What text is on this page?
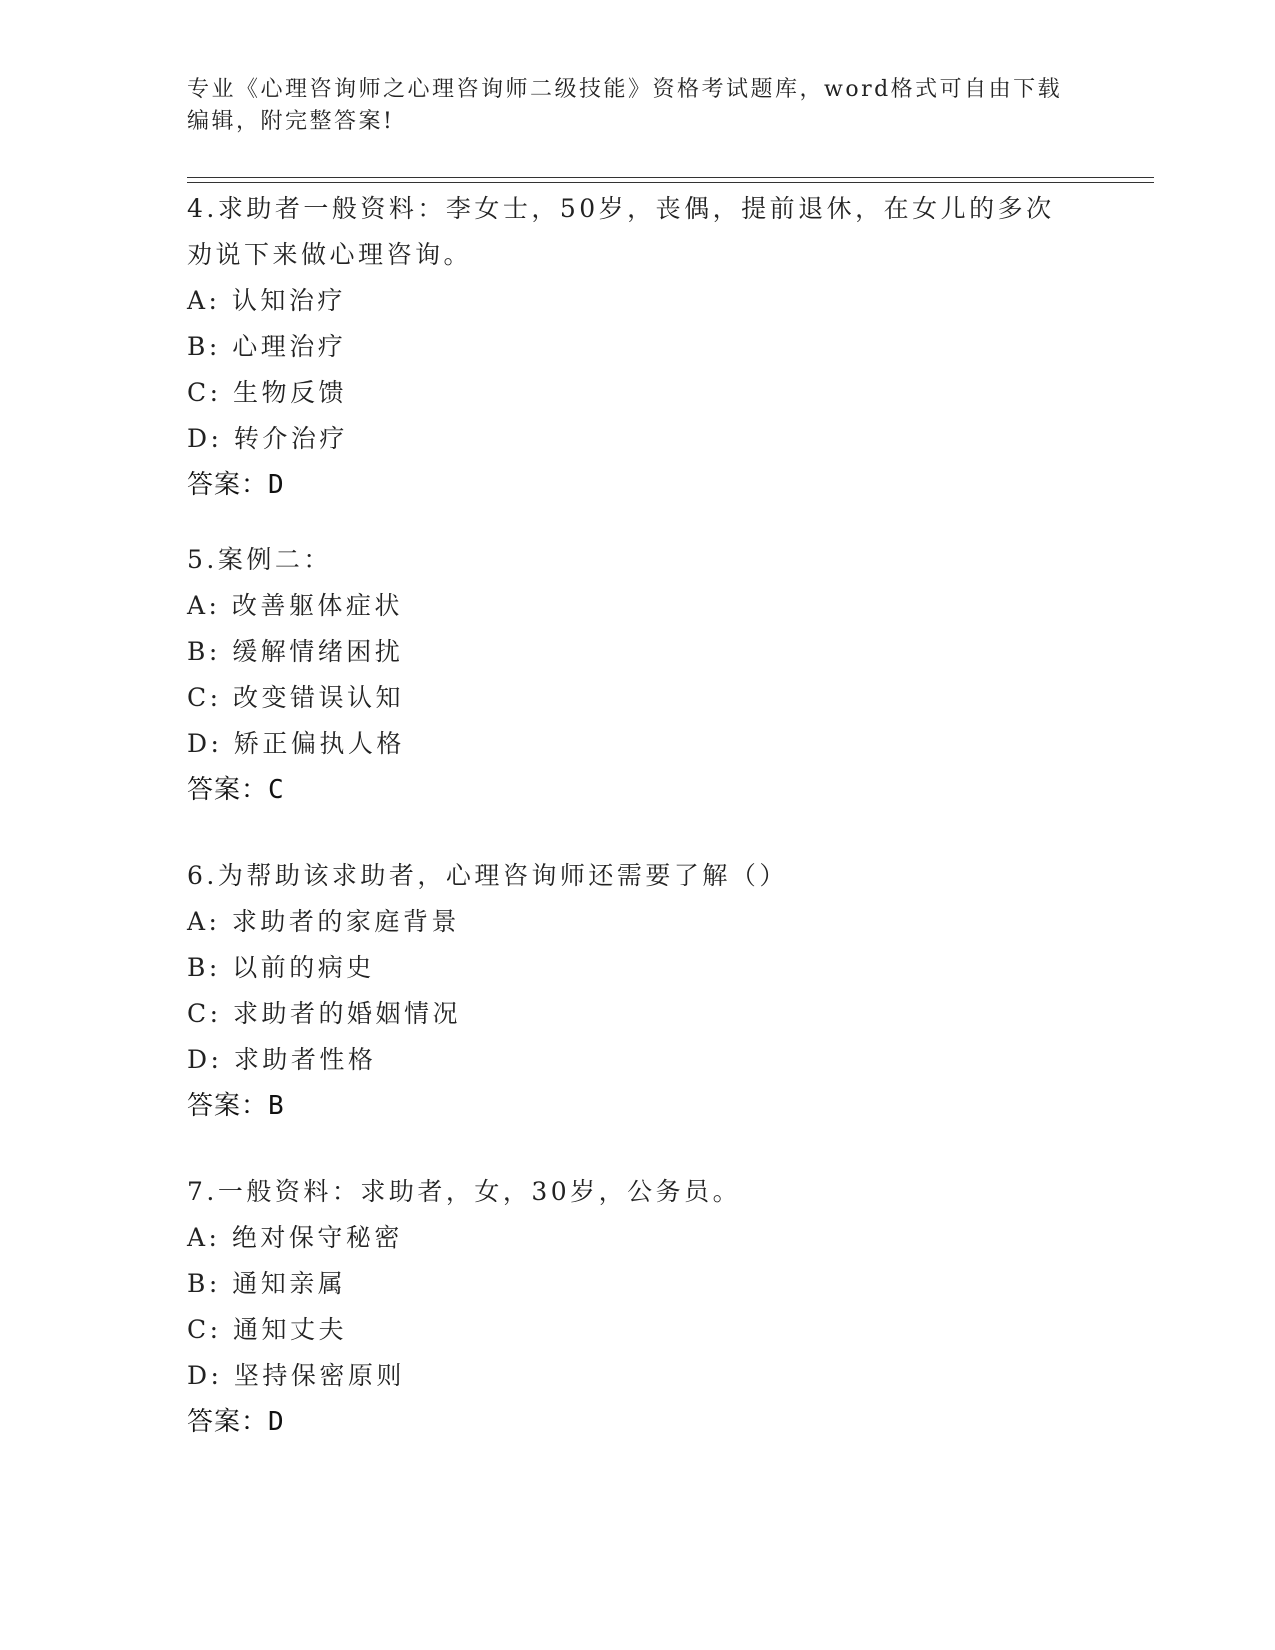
专业《心理咨询师之心理咨询师二级技能》资格考试题库，word格式可自由下载
编辑，附完整答案!
4.求助者一般资料：李女士，50岁，丧偶，提前退休，在女儿的多次
劝说下来做心理咨询。
A: 认知治疗
B: 心理治疗
C: 生物反馈
D: 转介治疗
答案：D
5.案例二：
A: 改善躯体症状
B: 缓解情绪困扰
C: 改变错误认知
D: 矫正偏执人格
答案：C
6.为帮助该求助者，心理咨询师还需要了解（）
A: 求助者的家庭背景
B: 以前的病史
C: 求助者的婚姻情况
D: 求助者性格
答案：B
7.一般资料：求助者，女，30岁，公务员。
A: 绝对保守秘密
B: 通知亲属
C: 通知丈夫
D: 坚持保密原则
答案：D
